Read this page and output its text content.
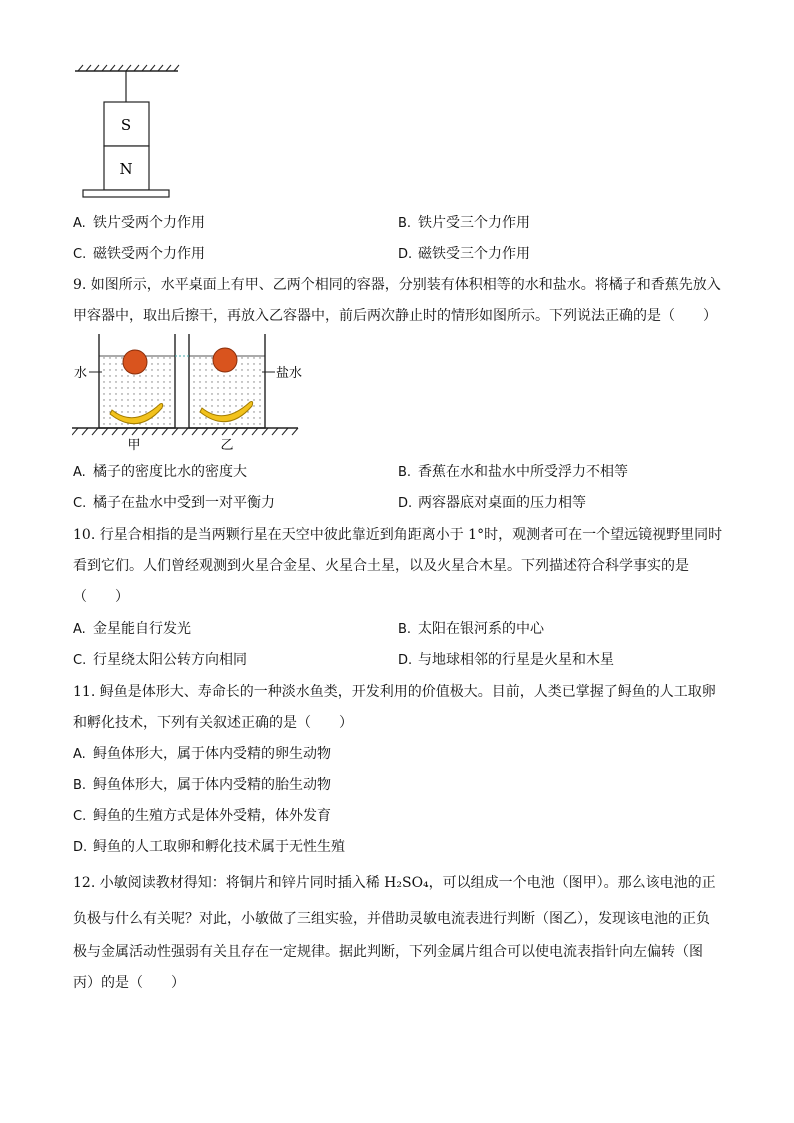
S
N
A. 铁片受两个力作用	B. 铁片受三个力作用
C. 磁铁受两个力作用	D. 磁铁受三个力作用
9. 如图所示，水平桌面上有甲、乙两个相同的容器，分别装有体积相等的水和盐水。将橘子和香蕉先放入
甲容器中，取出后擦干，再放入乙容器中，前后两次静止时的情形如图所示。下列说法正确的是（　　）
水	盐水
甲	乙
A. 橘子的密度比水的密度大	B. 香蕉在水和盐水中所受浮力不相等
C. 橘子在盐水中受到一对平衡力	D. 两容器底对桌面的压力相等
10. 行星合相指的是当两颗行星在天空中彼此靠近到角距离小于 1°时，观测者可在一个望远镜视野里同时
看到它们。人们曾经观测到火星合金星、火星合土星，以及火星合木星。下列描述符合科学事实的是
（　　）
A. 金星能自行发光	B. 太阳在银河系的中心
C. 行星绕太阳公转方向相同	D. 与地球相邻的行星是火星和木星
11. 鲟鱼是体形大、寿命长的一种淡水鱼类，开发利用的价值极大。目前，人类已掌握了鲟鱼的人工取卵
和孵化技术，下列有关叙述正确的是（　　）
A. 鲟鱼体形大，属于体内受精的卵生动物
B. 鲟鱼体形大，属于体内受精的胎生动物
C. 鲟鱼的生殖方式是体外受精，体外发育
D. 鲟鱼的人工取卵和孵化技术属于无性生殖
12. 小敏阅读教材得知：将铜片和锌片同时插入稀 H₂SO₄，可以组成一个电池（图甲）。那么该电池的正
负极与什么有关呢？对此，小敏做了三组实验，并借助灵敏电流表进行判断（图乙），发现该电池的正负
极与金属活动性强弱有关且存在一定规律。据此判断，下列金属片组合可以使电流表指针向左偏转（图
丙）的是（　　）
